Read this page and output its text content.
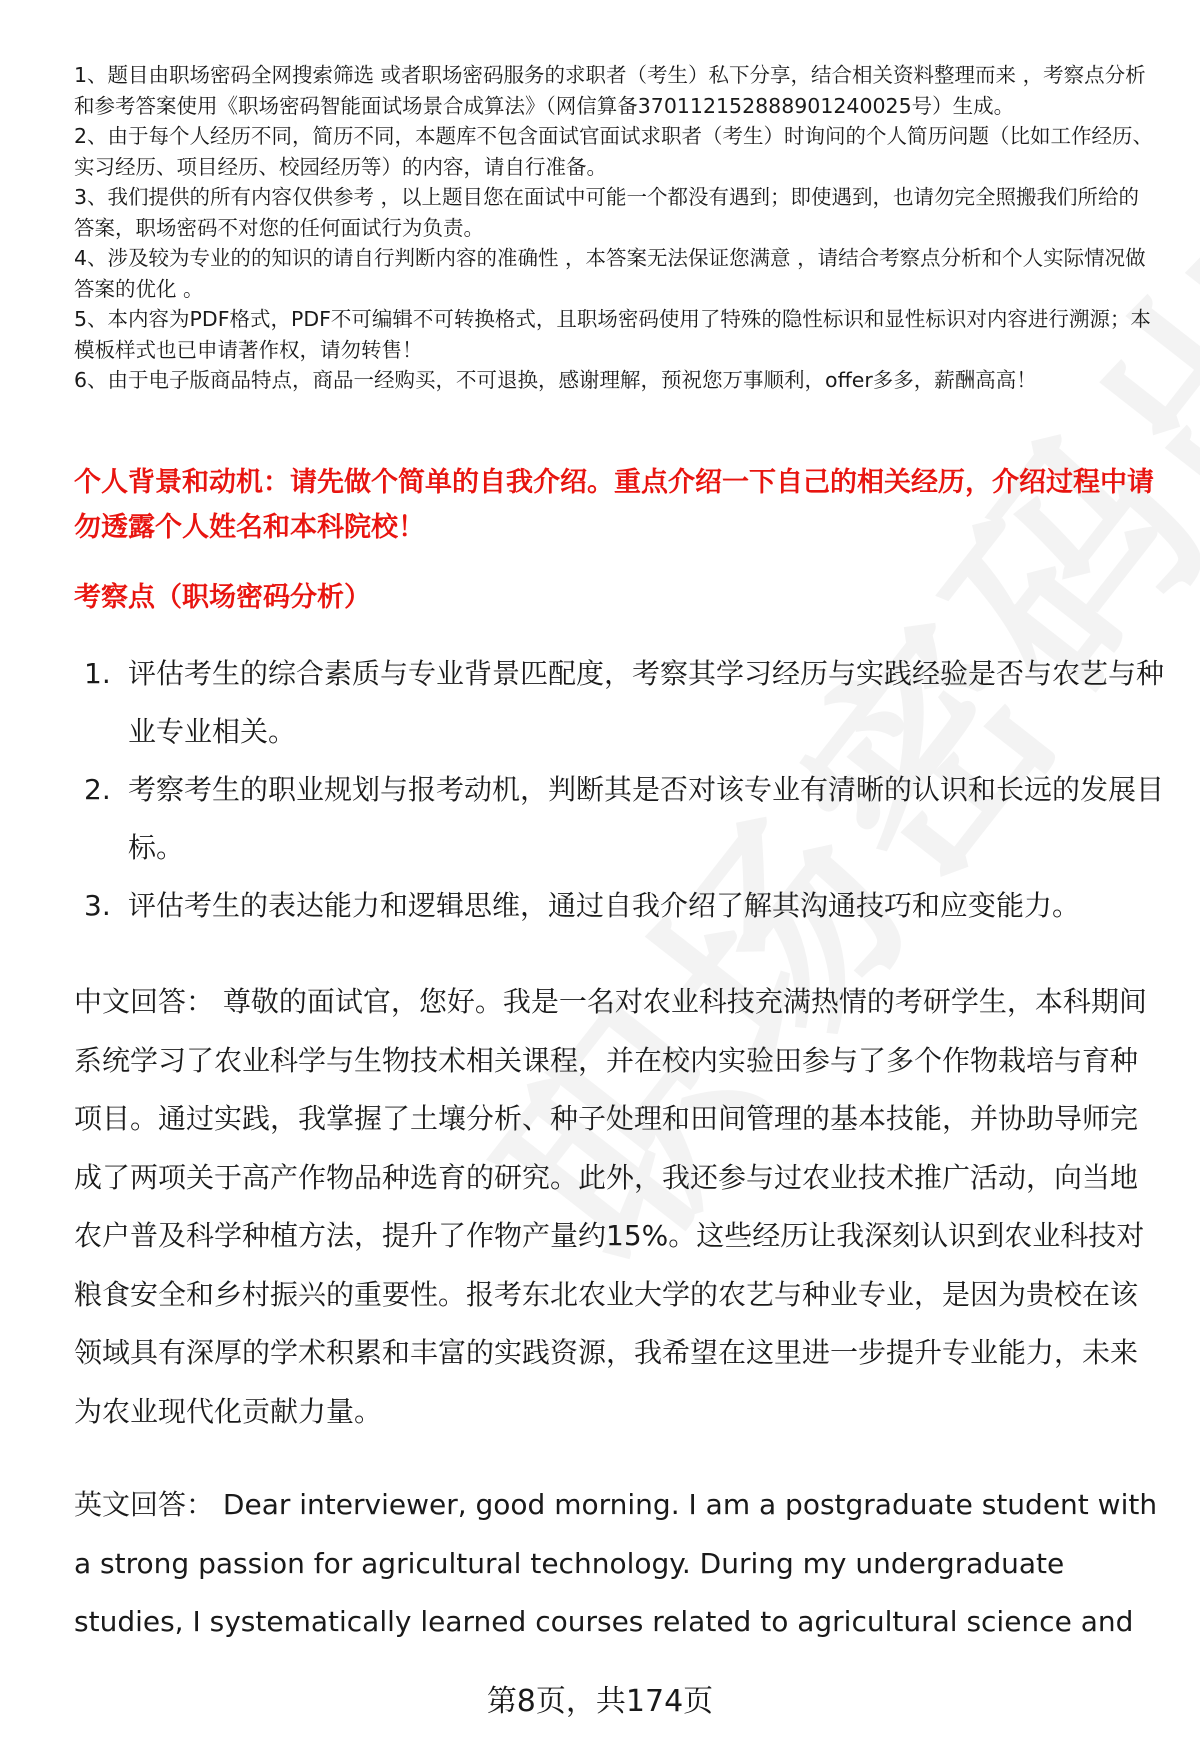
1、题目由职场密码全网搜索筛选 或者职场密码服务的求职者（考生）私下分享，结合相关资料整理而来 ，考察点分析和参考答案使用《职场密码智能面试场景合成算法》（网信算备370112152888901240025号）生成。

2、由于每个人经历不同，简历不同，本题库不包含面试官面试求职者（考生）时询问的个人简历问题（比如工作经历、实习经历、项目经历、校园经历等）的内容，请自行准备。

3、我们提供的所有内容仅供参考 ，以上题目您在面试中可能一个都没有遇到；即使遇到，也请勿完全照搬我们所给的答案，职场密码不对您的任何面试行为负责。

4、涉及较为专业的的知识的请自行判断内容的准确性 ，本答案无法保证您满意 ，请结合考察点分析和个人实际情况做答案的优化 。

5、本内容为PDF格式，PDF不可编辑不可转换格式，且职场密码使用了特殊的隐性标识和显性标识对内容进行溯源；本模板样式也已申请著作权，请勿转售！

6、由于电子版商品特点，商品一经购买，不可退换，感谢理解，预祝您万事顺利，offer多多，薪酬高高！

个人背景和动机：请先做个简单的自我介绍。重点介绍一下自己的相关经历，介绍过程中请勿透露个人姓名和本科院校！

考察点（职场密码分析）

1. 评估考生的综合素质与专业背景匹配度，考察其学习经历与实践经验是否与农艺与种业专业相关。
2. 考察考生的职业规划与报考动机，判断其是否对该专业有清晰的认识和长远的发展目标。
3. 评估考生的表达能力和逻辑思维，通过自我介绍了解其沟通技巧和应变能力。

中文回答： 尊敬的面试官，您好。我是一名对农业科技充满热情的考研学生，本科期间系统学习了农业科学与生物技术相关课程，并在校内实验田参与了多个作物栽培与育种项目。通过实践，我掌握了土壤分析、种子处理和田间管理的基本技能，并协助导师完成了两项关于高产作物品种选育的研究。此外，我还参与过农业技术推广活动，向当地农户普及科学种植方法，提升了作物产量约15%。这些经历让我深刻认识到农业科技对粮食安全和乡村振兴的重要性。报考东北农业大学的农艺与种业专业，是因为贵校在该领域具有深厚的学术积累和丰富的实践资源，我希望在这里进一步提升专业能力，未来为农业现代化贡献力量。

英文回答： Dear interviewer, good morning. I am a postgraduate student with a strong passion for agricultural technology. During my undergraduate studies, I systematically learned courses related to agricultural science and

第8页，共174页
